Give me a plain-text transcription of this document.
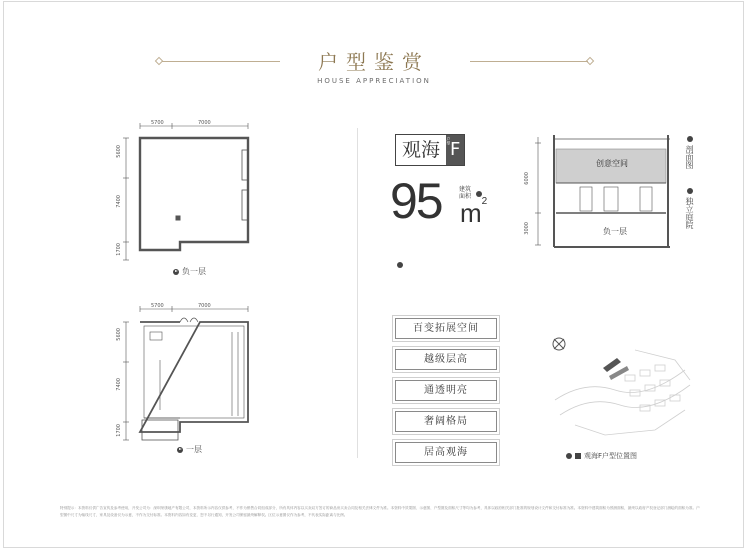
户型鉴赏
HOUSE APPRECIATION
5700	7000
5600
7400
1700
负一层
5700	7000
5600
7400
1700
一层
观海 F
户型
95	建筑面积
$m^2$
百变拓展空间
越级层高
通透明亮
奢阔格局
居高观海
创意空间
负一层
6000
3000
剖面图
独立庭院
观海F户型位置图
特别提示：本资料仅供广告宣传及参考使用，开发公司为：深圳荣康地产有限公司，本资料所示内容仅供参考，不作为销售合同组成部分，所有具体内容以买卖双方签订的商品房买卖合同及相关法律文件为准。本资料中效果图、示意图、户型图及面积尺寸等均为参考，具体以政府相关部门批准的规划设计文件和交付标准为准。本资料中建筑面积为预测面积，最终以政府产权登记部门测绘的面积为准。户型图中尺寸为轴线尺寸，家具及设备仅为示意，不作为交付标准。本资料内容如有变更，恕不另行通知，开发公司保留最终解释权。区位示意图仅作为参考，不代表实际距离与比例。
